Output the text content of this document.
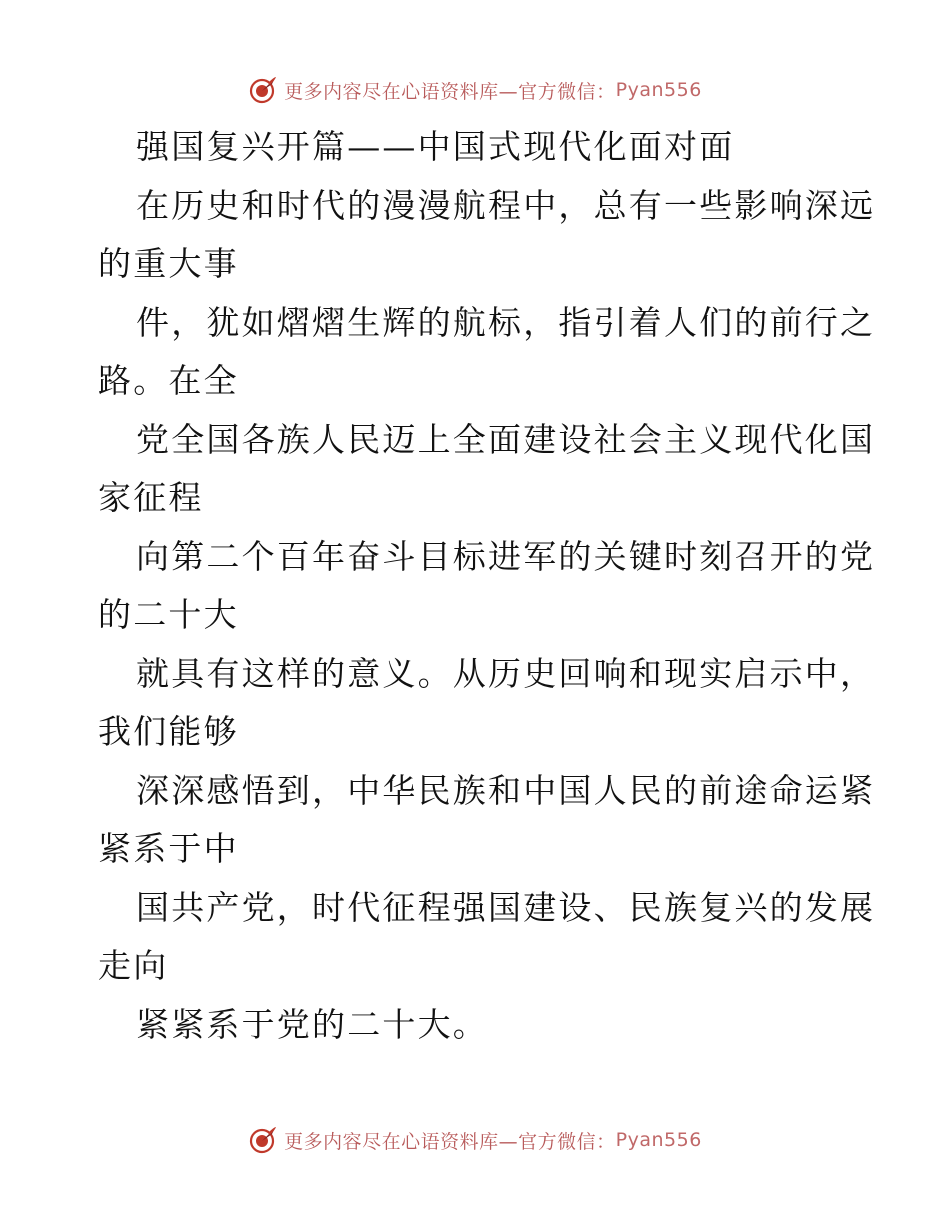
更多内容尽在心语资料库—官方微信： Pyan556
强国复兴开篇——中国式现代化面对面
在历史和时代的漫漫航程中，总有一些影响深远
的重大事
件，犹如熠熠生辉的航标，指引着人们的前行之
路。在全
党全国各族人民迈上全面建设社会主义现代化国
家征程
向第二个百年奋斗目标进军的关键时刻召开的党
的二十大
就具有这样的意义。从历史回响和现实启示中，
我们能够
深深感悟到，中华民族和中国人民的前途命运紧
紧系于中
国共产党，时代征程强国建设、民族复兴的发展
走向
紧紧系于党的二十大。
更多内容尽在心语资料库—官方微信： Pyan556
